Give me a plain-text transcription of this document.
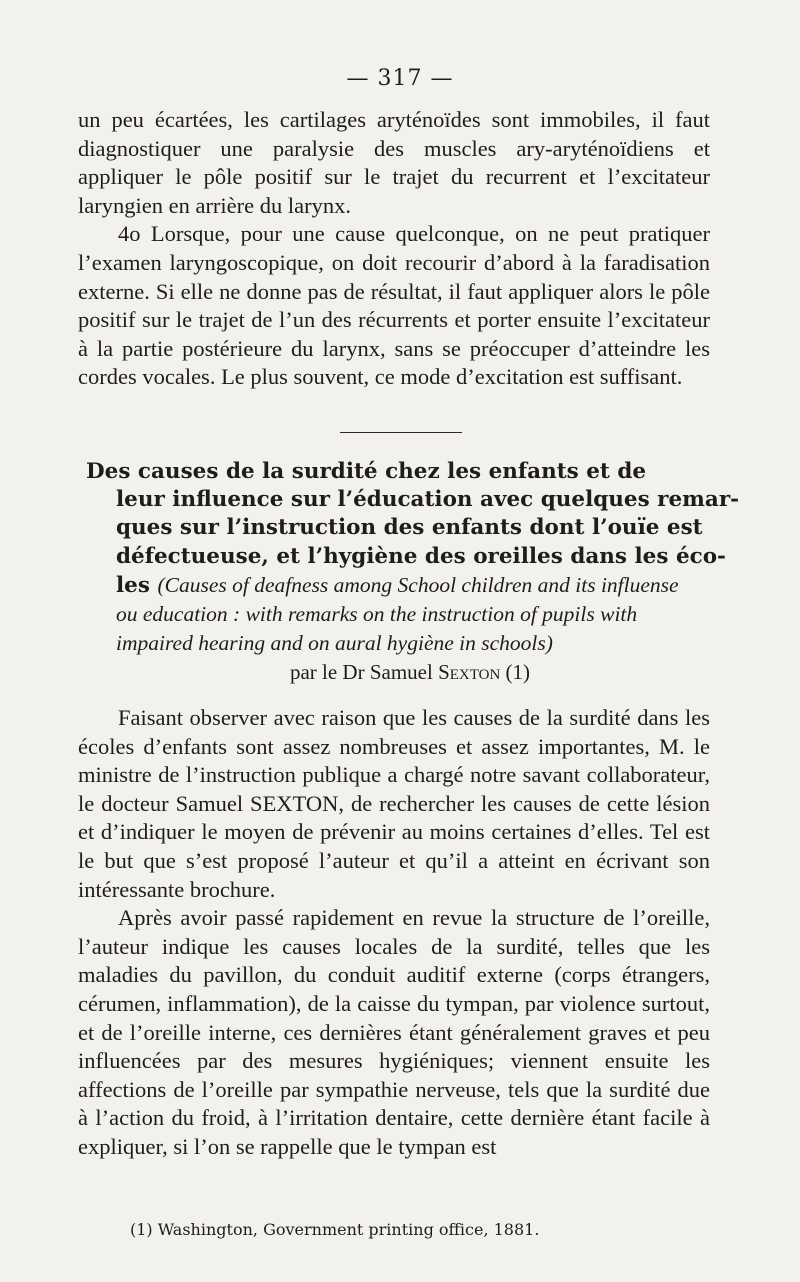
— 317 —

un peu écartées, les cartilages aryténoïdes sont immobiles, il faut diagnostiquer une paralysie des muscles ary-aryténoïdiens et appliquer le pôle positif sur le trajet du recurrent et l’excitateur laryngien en arrière du larynx.

4o Lorsque, pour une cause quelconque, on ne peut pratiquer l’examen laryngoscopique, on doit recourir d’abord à la faradisation externe. Si elle ne donne pas de résultat, il faut appliquer alors le pôle positif sur le trajet de l’un des récurrents et porter ensuite l’excitateur à la partie postérieure du larynx, sans se préoccuper d’atteindre les cordes vocales. Le plus souvent, ce mode d’excitation est suffisant.

Des causes de la surdité chez les enfants et de
leur influence sur l’éducation avec quelques remar-
ques sur l’instruction des enfants dont l’ouïe est
défectueuse, et l’hygiène des oreilles dans les éco-
les (Causes of deafness among School children and its influense
ou education : with remarks on the instruction of pupils with
impaired hearing and on aural hygiène in schools)
par le Dr Samuel Sexton (1)

Faisant observer avec raison que les causes de la surdité dans les écoles d’enfants sont assez nombreuses et assez importantes, M. le ministre de l’instruction publique a chargé notre savant collaborateur, le docteur Samuel SEXTON, de rechercher les causes de cette lésion et d’indiquer le moyen de prévenir au moins certaines d’elles. Tel est le but que s’est proposé l’auteur et qu’il a atteint en écrivant son intéressante brochure.

Après avoir passé rapidement en revue la structure de l’oreille, l’auteur indique les causes locales de la surdité, telles que les maladies du pavillon, du conduit auditif externe (corps étrangers, cérumen, inflammation), de la caisse du tympan, par violence surtout, et de l’oreille interne, ces dernières étant généralement graves et peu influencées par des mesures hygiéniques; viennent ensuite les affections de l’oreille par sympathie nerveuse, tels que la surdité due à l’action du froid, à l’irritation dentaire, cette dernière étant facile à expliquer, si l’on se rappelle que le tympan est

(1) Washington, Government printing office, 1881.
